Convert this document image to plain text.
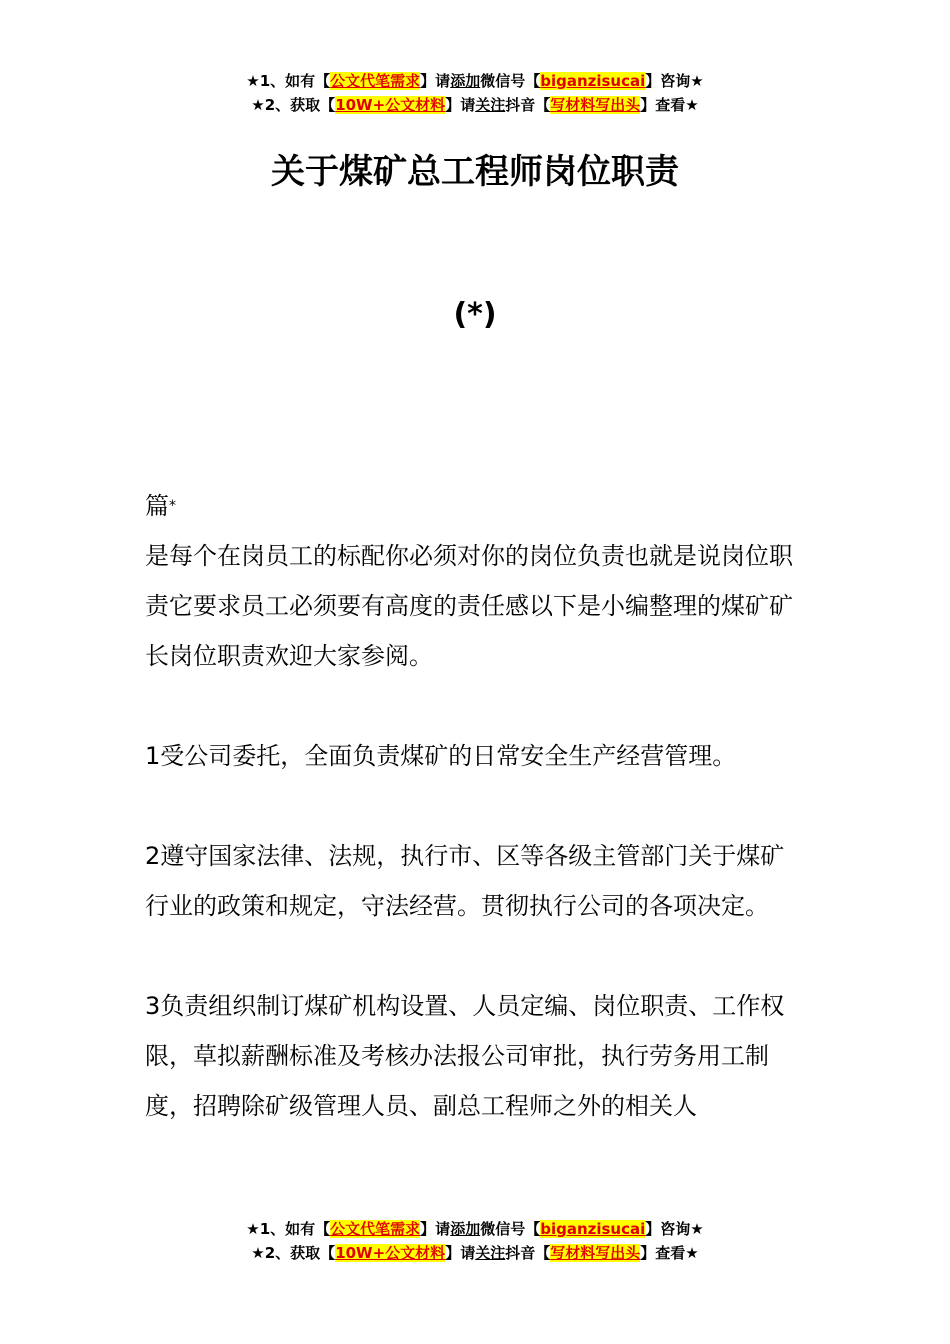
★1、如有【公文代笔需求】请添加微信号【biganzisucai】咨询★
★2、获取【10W+公文材料】请关注抖音【写材料写出头】查看★
关于煤矿总工程师岗位职责
(*)

篇*

是每个在岗员工的标配你必须对你的岗位负责也就是说岗位职责它要求员工必须要有高度的责任感以下是小编整理的煤矿矿长岗位职责欢迎大家参阅。

1受公司委托，全面负责煤矿的日常安全生产经营管理。

2遵守国家法律、法规，执行市、区等各级主管部门关于煤矿行业的政策和规定，守法经营。贯彻执行公司的各项决定。

3负责组织制订煤矿机构设置、人员定编、岗位职责、工作权限，草拟薪酬标准及考核办法报公司审批，执行劳务用工制度，招聘除矿级管理人员、副总工程师之外的相关人

★1、如有【公文代笔需求】请添加微信号【biganzisucai】咨询★
★2、获取【10W+公文材料】请关注抖音【写材料写出头】查看★
